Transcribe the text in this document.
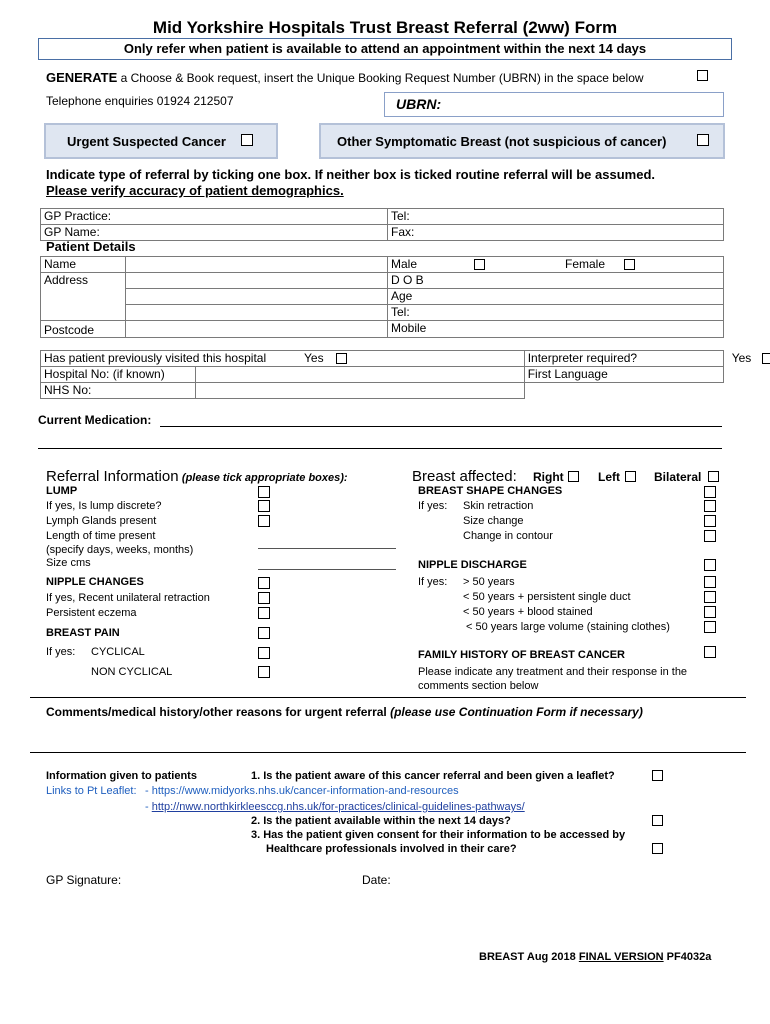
Mid Yorkshire Hospitals Trust Breast Referral (2ww) Form
Only refer when patient is available to attend an appointment within the next 14 days
GENERATE a Choose & Book request, insert the Unique Booking Request Number (UBRN) in the space below
Telephone enquiries 01924 212507	UBRN:
Urgent Suspected Cancer	Other Symptomatic Breast (not suspicious of cancer)
Indicate type of referral by ticking one box. If neither box is ticked routine referral will be assumed.
Please verify accuracy of patient demographics.
GP Practice:	Tel:
GP Name:	Fax:
Patient Details
Name		Male Female

Address		D O B
		Age
		Tel:
Postcode		Mobile
Has patient previously visited this hospital Yes		Interpreter required? Yes

Hospital No: (if known)		First Language
NHS No:		
Current Medication:
Referral Information (please tick appropriate boxes):
LUMP
If yes, Is lump discrete?
Lymph Glands present
Length of time present
(specify days, weeks, months)
Size cms
NIPPLE CHANGES
If yes, Recent unilateral retraction
Persistent eczema
BREAST PAIN
If yes: CYCLICAL
NON CYCLICAL
Breast affected: Right	Left	Bilateral
BREAST SHAPE CHANGES
If yes: Skin retraction
Size change
Change in contour
NIPPLE DISCHARGE
If yes: > 50 years
< 50 years + persistent single duct
< 50 years + blood stained
< 50 years large volume (staining clothes)
FAMILY HISTORY OF BREAST CANCER
Please indicate any treatment and their response in the
comments section below
Comments/medical history/other reasons for urgent referral (please use Continuation Form if necessary)
Information given to patients	1. Is the patient aware of this cancer referral and been given a leaflet?
Links to Pt Leaflet: - https://www.midyorks.nhs.uk/cancer-information-and-resources
- http://nww.northkirkleesccg.nhs.uk/for-practices/clinical-guidelines-pathways/
2. Is the patient available within the next 14 days?
3. Has the patient given consent for their information to be accessed by
Healthcare professionals involved in their care?
GP Signature:	Date:
BREAST Aug 2018 FINAL VERSION PF4032a
